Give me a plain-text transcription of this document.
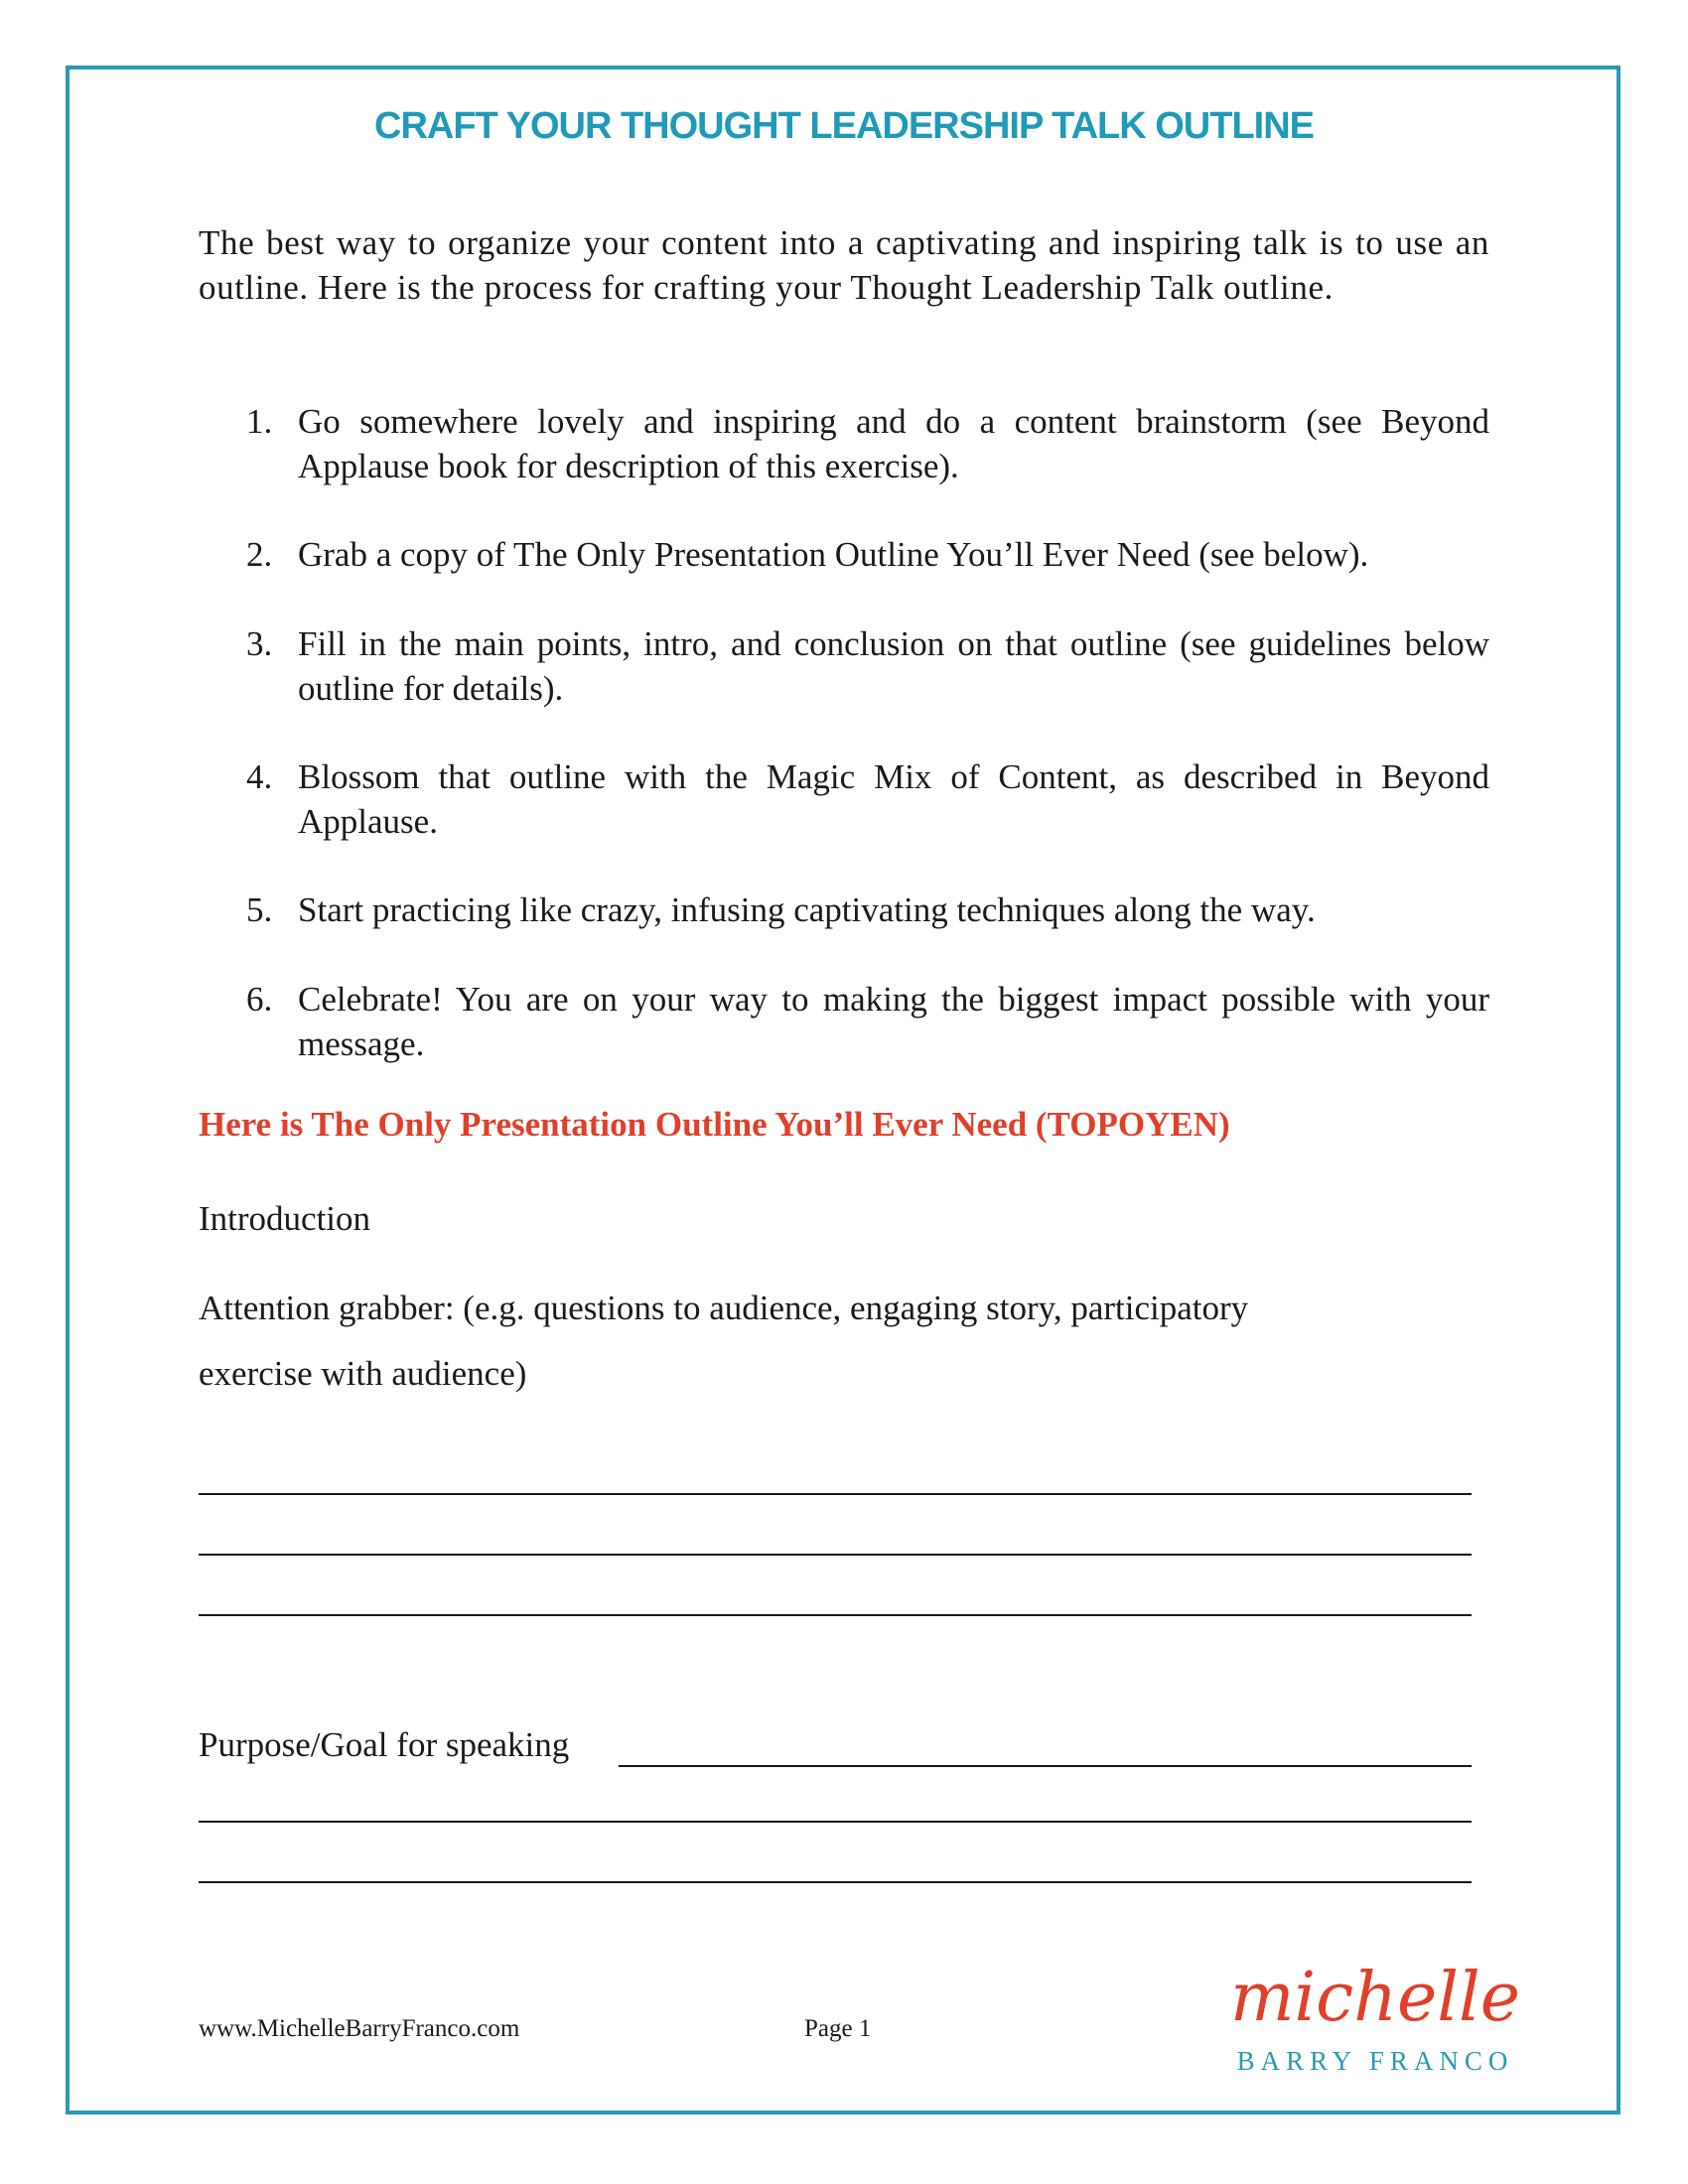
CRAFT YOUR THOUGHT LEADERSHIP TALK OUTLINE
The best way to organize your content into a captivating and inspiring talk is to use an outline. Here is the process for crafting your Thought Leadership Talk outline.
1. Go somewhere lovely and inspiring and do a content brainstorm (see Beyond Applause book for description of this exercise).
2. Grab a copy of The Only Presentation Outline You’ll Ever Need (see below).
3. Fill in the main points, intro, and conclusion on that outline (see guidelines below outline for details).
4. Blossom that outline with the Magic Mix of Content, as described in Beyond Applause.
5. Start practicing like crazy, infusing captivating techniques along the way.
6. Celebrate! You are on your way to making the biggest impact possible with your message.
Here is The Only Presentation Outline You’ll Ever Need (TOPOYEN)
Introduction
Attention grabber: (e.g. questions to audience, engaging story, participatory
exercise with audience)
Purpose/Goal for speaking
www.MichelleBarryFranco.com	Page 1	michelle
BARRY FRANCO
